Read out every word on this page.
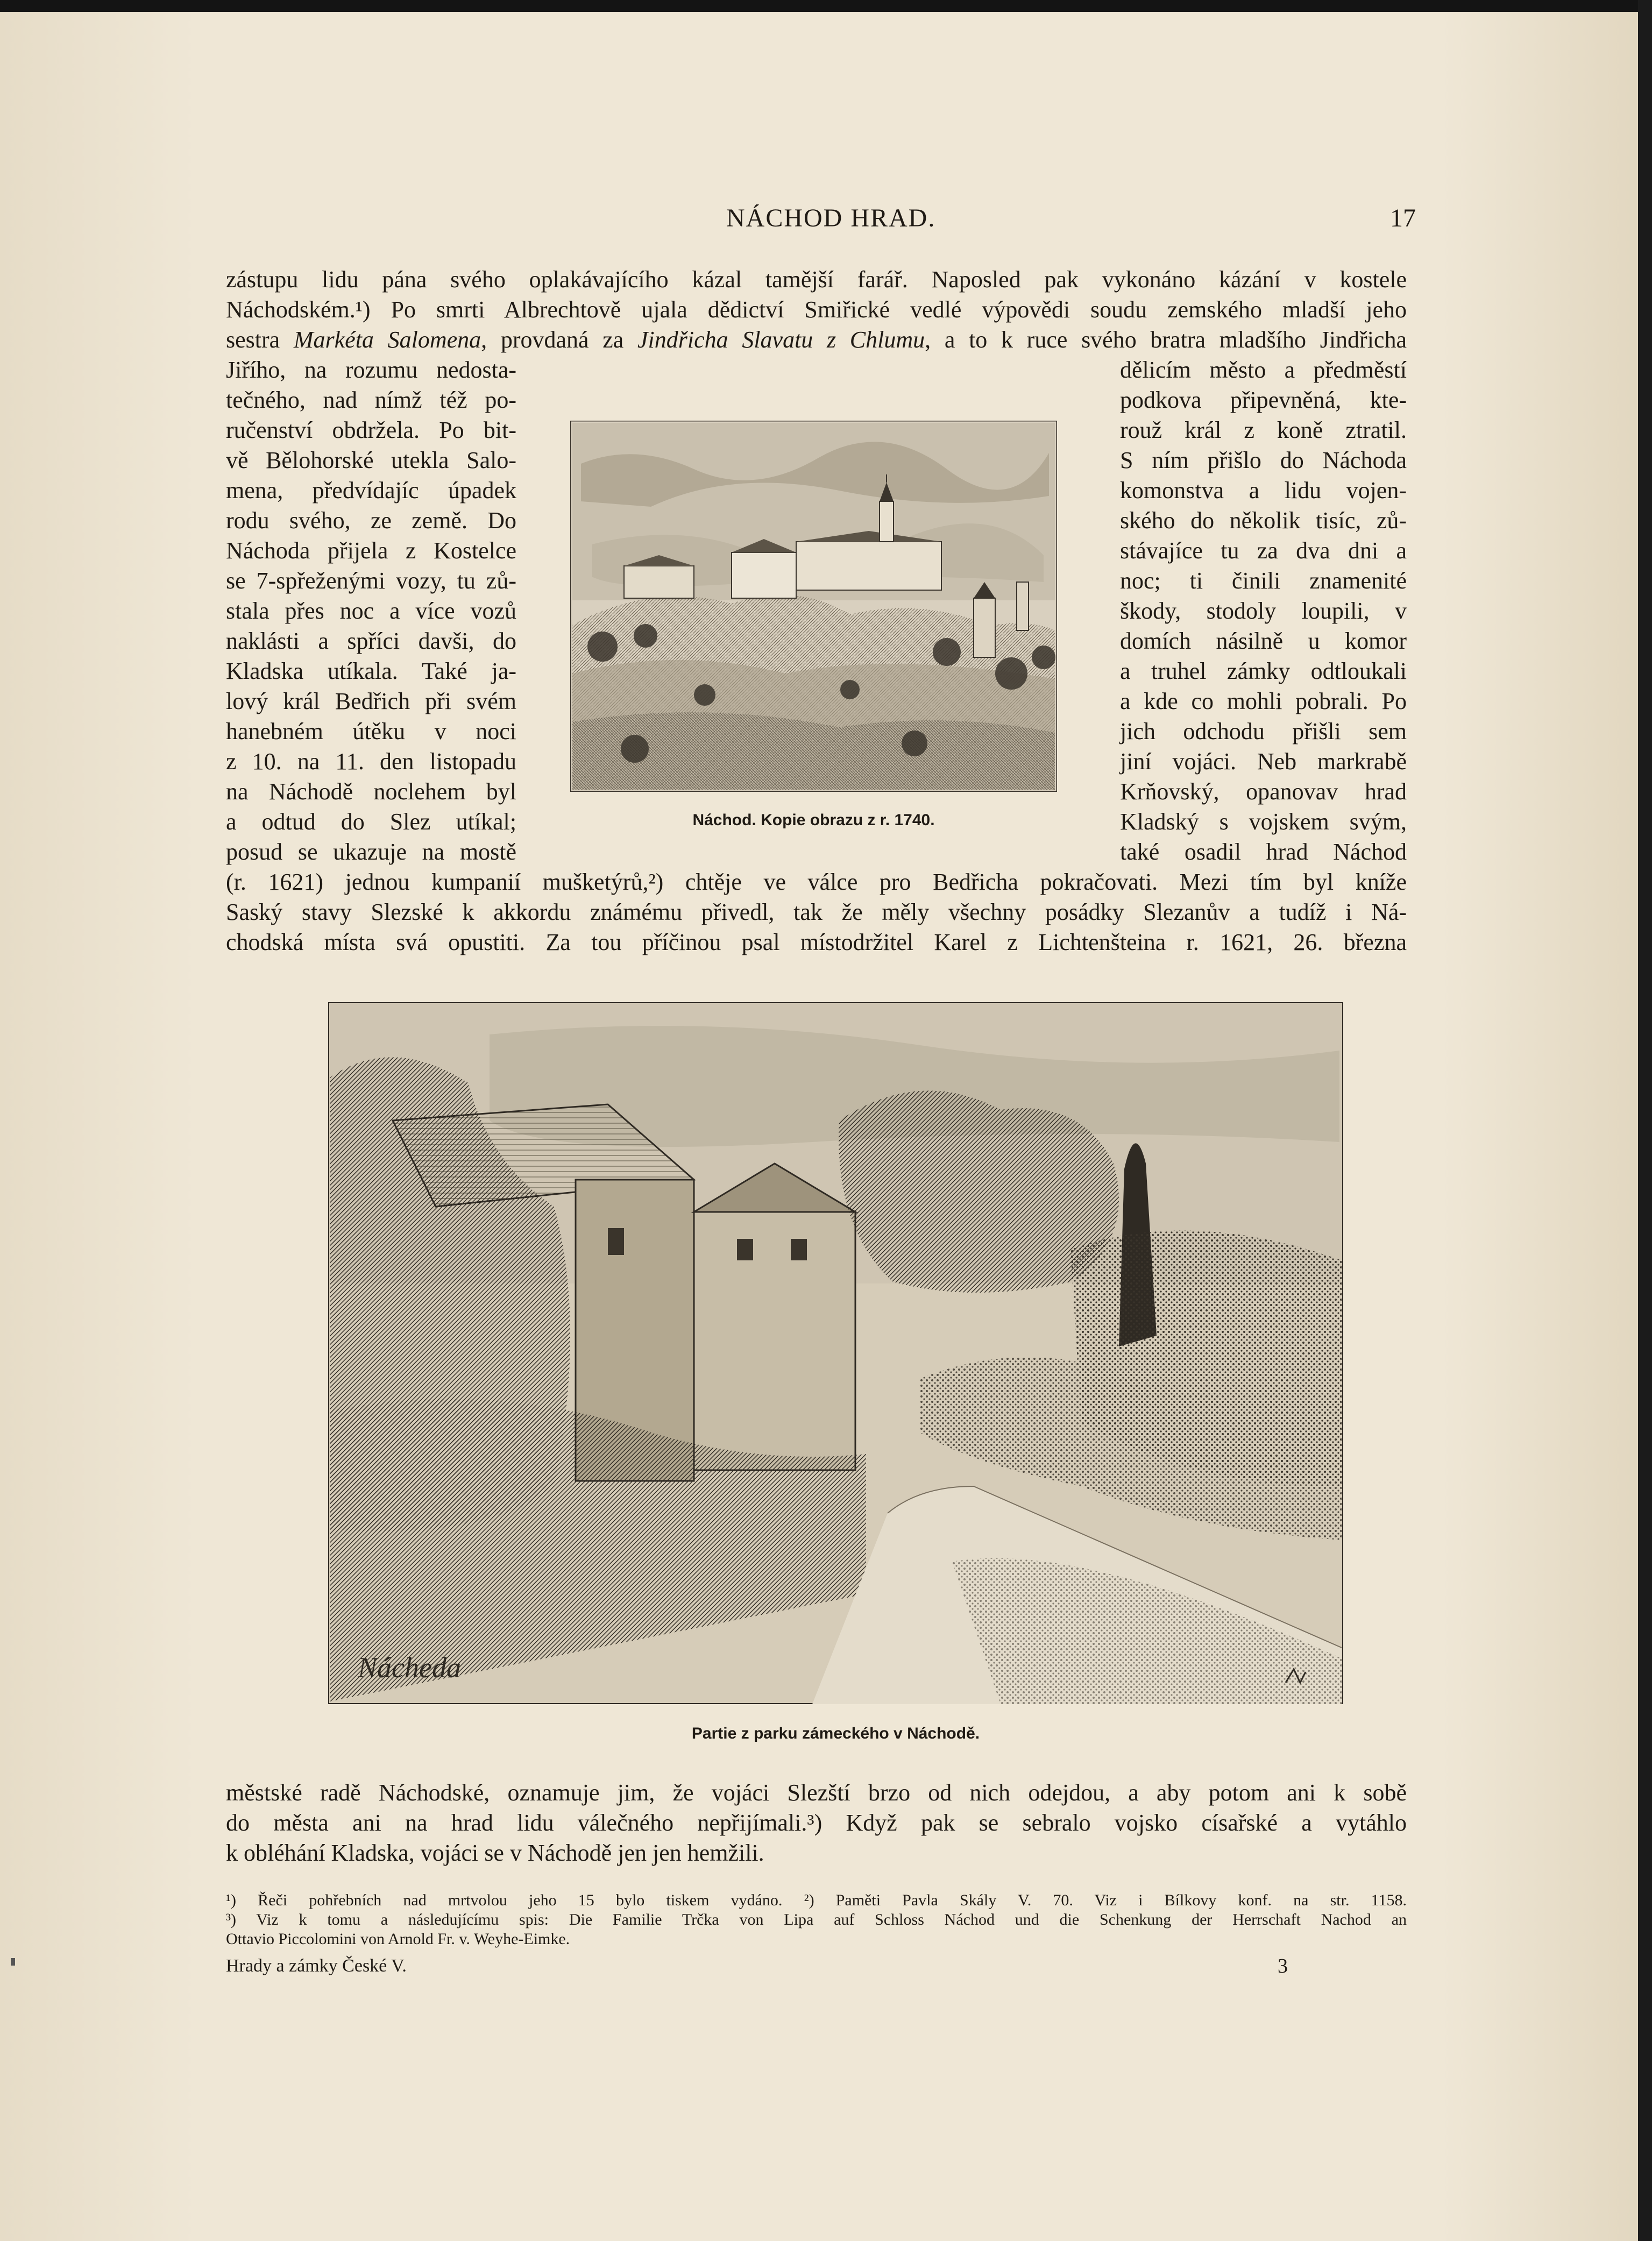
NÁCHOD HRAD.	17
zástupu lidu pána svého oplakávajícího kázal tamější farář. Naposled pak vykonáno kázání v kostele
Náchodském.¹) Po smrti Albrechtově ujala dědictví Smiřické vedlé výpovědi soudu zemského mladší jeho
sestra Markéta Salomena, provdaná za Jindřicha Slavatu z Chlumu, a to k ruce svého bratra mladšího Jindřicha
Jiřího, na rozumu nedosta-
tečného, nad nímž též po-
ručenství obdržela. Po bit-
vě Bělohorské utekla Salo-
mena, předvídajíc úpadek
rodu svého, ze země. Do
Náchoda přijela z Kostelce
se 7-spřeženými vozy, tu zů-
stala přes noc a více vozů
naklásti a spříci davši, do
Kladska utíkala. Také ja-
lový král Bedřich při svém
hanebném útěku v noci
z 10. na 11. den listopadu
na Náchodě noclehem byl
a odtud do Slez utíkal;
posud se ukazuje na mostě
Náchod. Kopie obrazu z r. 1740.
dělicím město a předměstí
podkova připevněná, kte-
rouž král z koně ztratil.
S ním přišlo do Náchoda
komonstva a lidu vojen-
ského do několik tisíc, zů-
stávajíce tu za dva dni a
noc; ti činili znamenité
škody, stodoly loupili, v
domích násilně u komor
a truhel zámky odtloukali
a kde co mohli pobrali. Po
jich odchodu přišli sem
jiní vojáci. Neb markrabě
Krňovský, opanovav hrad
Kladský s vojskem svým,
také osadil hrad Náchod
(r. 1621) jednou kumpanií mušketýrů,²) chtěje ve válce pro Bedřicha pokračovati. Mezi tím byl kníže
Saský stavy Slezské k akkordu známému přivedl, tak že měly všechny posádky Slezanův a tudíž i Ná-
chodská místa svá opustiti. Za tou příčinou psal místodržitel Karel z Lichtenšteina r. 1621, 26. března
Nácheda
Partie z parku zámeckého v Náchodě.
městské radě Náchodské, oznamuje jim, že vojáci Slezští brzo od nich odejdou, a aby potom ani k sobě
do města ani na hrad lidu válečného nepřijímali.³) Když pak se sebralo vojsko císařské a vytáhlo
k obléhání Kladska, vojáci se v Náchodě jen jen hemžili.
¹) Řeči pohřebních nad mrtvolou jeho 15 bylo tiskem vydáno. ²) Paměti Pavla Skály V. 70. Viz i Bílkovy konf. na str. 1158.
³) Viz k tomu a následujícímu spis: Die Familie Trčka von Lipa auf Schloss Náchod und die Schenkung der Herrschaft Nachod an
Ottavio Piccolomini von Arnold Fr. v. Weyhe-Eimke.
Hrady a zámky České V.	3
